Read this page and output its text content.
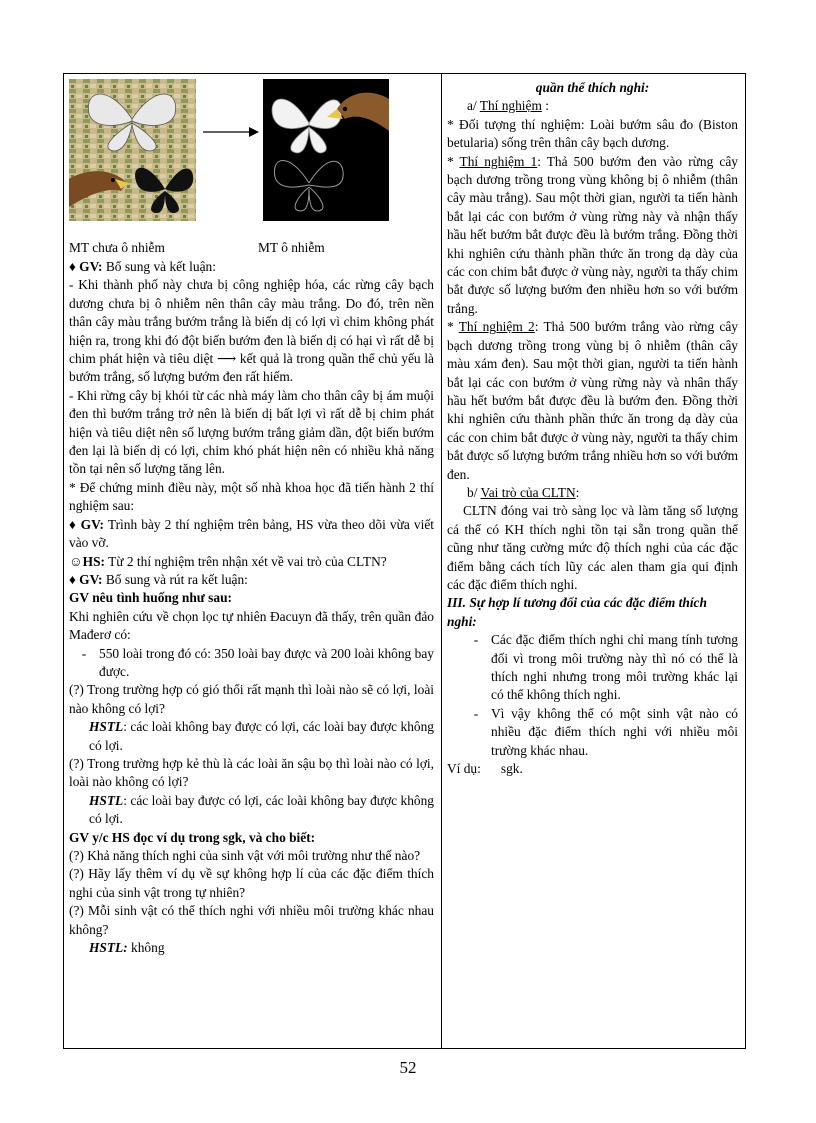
MT chưa ô nhiễm	MT ô nhiễm

♦ GV: Bổ sung và kết luận:

- Khi thành phố này chưa bị công nghiệp hóa, các rừng cây bạch dương chưa bị ô nhiễm nên thân cây màu trắng. Do đó, trên nền thân cây màu trắng bướm trắng là biến dị có lợi vì chim không phát hiện ra, trong khi đó đột biến bướm đen là biến dị có hại vì rất dễ bị chim phát hiện và tiêu diệt ⟶ kết quả là trong quần thể chủ yếu là bướm trắng, số lượng bướm đen rất hiếm.

- Khi rừng cây bị khói từ các nhà máy làm cho thân cây bị ám muội đen thì bướm trắng trở nên là biến dị bất lợi vì rất dễ bị chim phát hiện và tiêu diệt nên số lượng bướm trắng giảm dần, đột biến bướm đen lại là biến dị có lợi, chim khó phát hiện nên có nhiều khả năng tồn tại nên số lượng tăng lên.

* Để chứng minh điều này, một số nhà khoa học đã tiến hành 2 thí nghiệm sau:

♦ GV: Trình bày 2 thí nghiệm trên bảng, HS vừa theo dõi vừa viết vào vỡ.

☺HS: Từ 2 thí nghiệm trên nhận xét về vai trò của CLTN?

♦ GV: Bổ sung và rút ra kết luận:

GV nêu tình huống như sau:

Khi nghiên cứu về chọn lọc tự nhiên Đacuyn đã thấy, trên quần đảo Mađerơ có:

- 550 loài trong đó có: 350 loài bay được và 200 loài không bay được.

(?) Trong trường hợp có gió thổi rất mạnh thì loài nào sẽ có lợi, loài nào không có lợi?

HSTL: các loài không bay được có lợi, các loài bay được không có lợi.

(?) Trong trường hợp kẻ thù là các loài ăn sậu bọ thì loài nào có lợi, loài nào không có lợi?

HSTL: các loài bay được có lợi, các loài không bay được không có lợi.

GV y/c HS đọc ví dụ trong sgk, và cho biết:

(?) Khả năng thích nghi của sinh vật với môi trường như thế nào?

(?) Hãy lấy thêm ví dụ về sự không hợp lí của các đặc điểm thích nghi của sinh vật trong tự nhiên?

(?) Mỗi sinh vật có thể thích nghi với nhiều môi trường khác nhau không?

HSTL: không

quần thể thích nghi:

a/ Thí nghiệm :

* Đối tượng thí nghiệm: Loài bướm sâu đo (Biston betularia) sống trên thân cây bạch dương.

* Thí nghiệm 1: Thả 500 bướm đen vào rừng cây bạch dương trồng trong vùng không bị ô nhiễm (thân cây màu trắng). Sau một thời gian, người ta tiến hành bắt lại các con bướm ở vùng rừng này và nhận thấy hầu hết bướm bắt được đều là bướm trắng. Đồng thời khi nghiên cứu thành phần thức ăn trong dạ dày của các con chim bắt được ở vùng này, người ta thấy chim bắt được số lượng bướm đen nhiều hơn so với bướm trắng.

* Thí nghiệm 2: Thả 500 bướm trắng vào rừng cây bạch dương trồng trong vùng bị ô nhiễm (thân cây màu xám đen). Sau một thời gian, người ta tiến hành bắt lại các con bướm ở vùng rừng này và nhân thấy hầu hết bướm bắt được đều là bướm đen. Đồng thời khi nghiên cứu thành phần thức ăn trong dạ dày của các con chim bắt được ở vùng này, người ta thấy chim bắt được số lượng bướm trắng nhiều hơn so với bướm đen.

b/ Vai trò của CLTN:

CLTN đóng vai trò sàng lọc và làm tăng số lượng cá thể có KH thích nghi tồn tại sẵn trong quần thể cũng như tăng cường mức độ thích nghi của các đặc điểm bằng cách tích lũy các alen tham gia qui định các đặc điểm thích nghi.

III. Sự hợp lí tương đối của các đặc điểm thích nghi:

- Các đặc điểm thích nghi chỉ mang tính tương đối vì trong môi trường này thì nó có thể là thích nghi nhưng trong môi trường khác lại có thể không thích nghi.
- Vì vậy không thể có một sinh vật nào có nhiều đặc điểm thích nghi với nhiều môi trường khác nhau.

Ví dụ: sgk.

52
